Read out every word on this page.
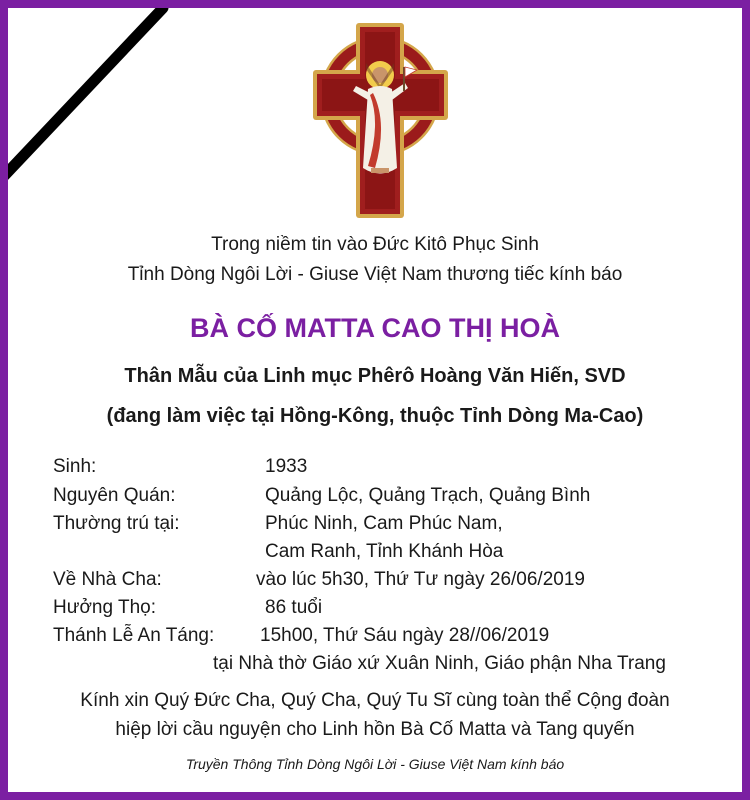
Trong niềm tin vào Đức Kitô Phục Sinh
Tỉnh Dòng Ngôi Lời - Giuse Việt Nam thương tiếc kính báo
BÀ CỐ MATTA CAO THỊ HOÀ
Thân Mẫu của Linh mục Phêrô Hoàng Văn Hiến, SVD
(đang làm việc tại Hồng-Kông, thuộc Tỉnh Dòng Ma-Cao)
Sinh:	1933
Nguyên Quán:	Quảng Lộc, Quảng Trạch, Quảng Bình
Thường trú tại:	Phúc Ninh, Cam Phúc Nam,
Cam Ranh, Tỉnh Khánh Hòa
Về Nhà Cha:	vào lúc 5h30, Thứ Tư ngày 26/06/2019
Hưởng Thọ:	86 tuổi
Thánh Lễ An Táng: 15h00, Thứ Sáu ngày 28//06/2019
tại Nhà thờ Giáo xứ Xuân Ninh, Giáo phận Nha Trang
Kính xin Quý Đức Cha, Quý Cha, Quý Tu Sĩ cùng toàn thể Cộng đoàn
hiệp lời cầu nguyện cho Linh hồn Bà Cố Matta và Tang quyến
Truyền Thông Tỉnh Dòng Ngôi Lời - Giuse Việt Nam kính báo
